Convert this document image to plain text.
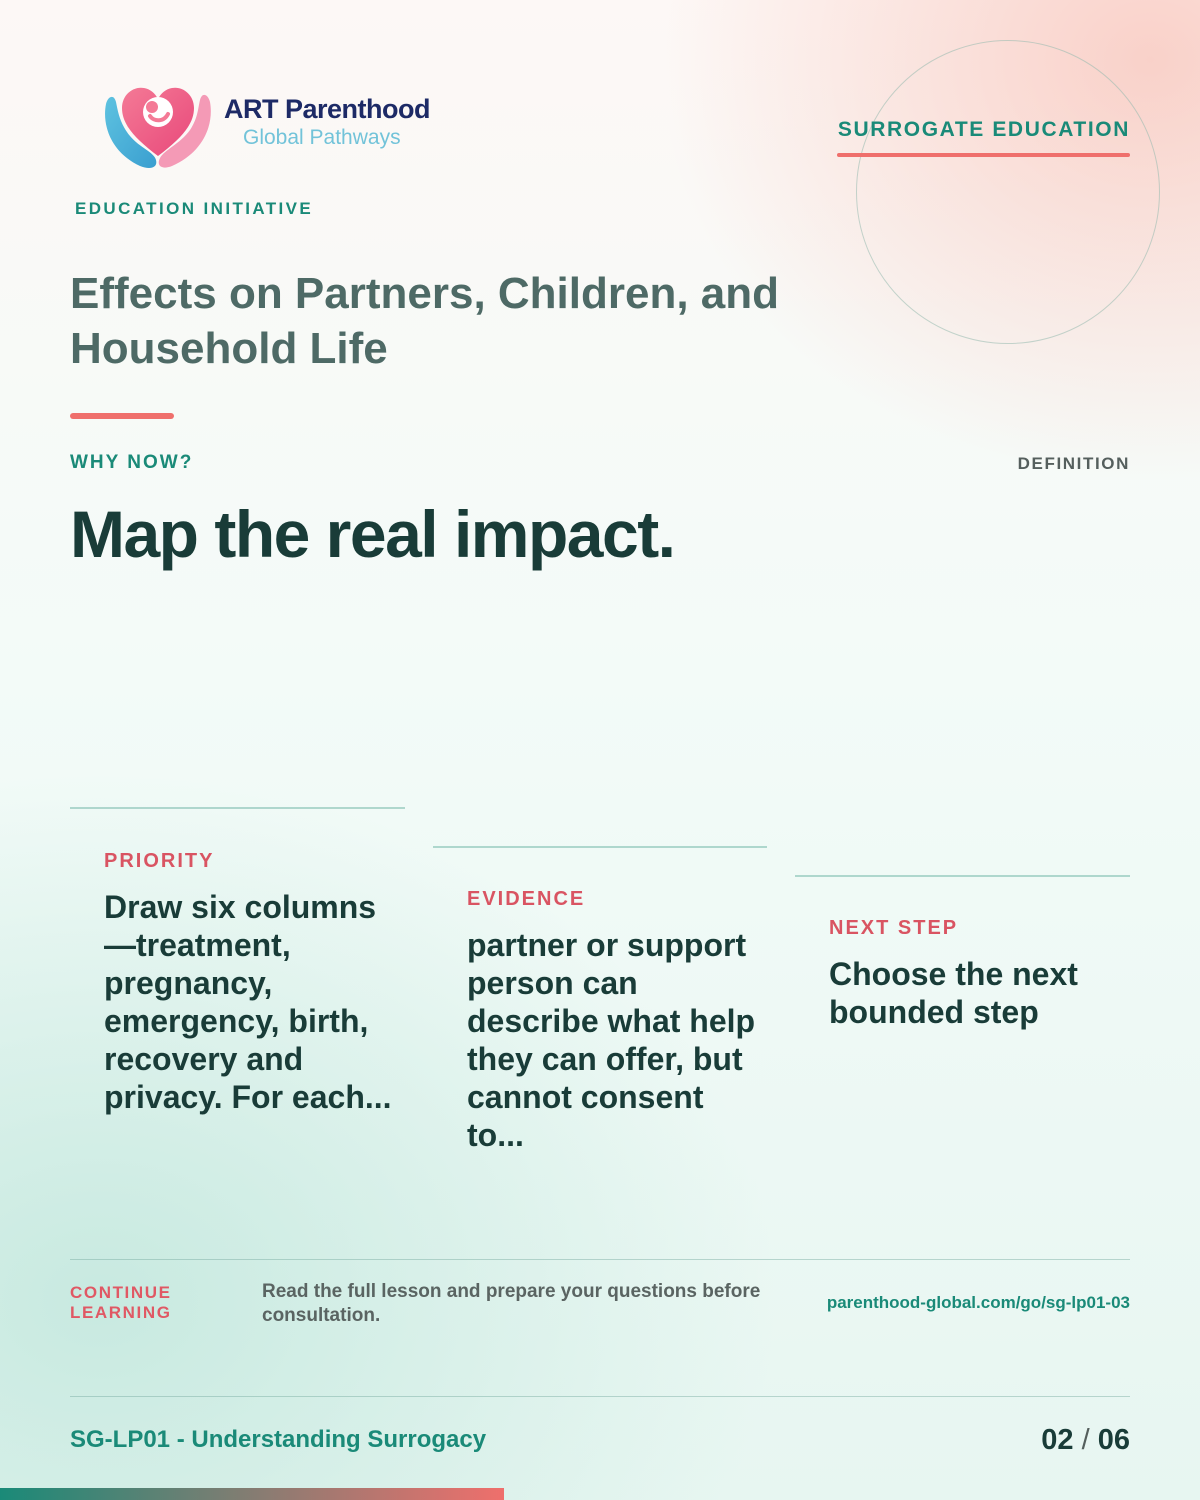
ART Parenthood
Global Pathways
EDUCATION INITIATIVE
SURROGATE EDUCATION
Effects on Partners, Children, and Household Life
WHY NOW?	DEFINITION
Map the real impact.
PRIORITY
Draw six columns—treatment, pregnancy, emergency, birth, recovery and privacy. For each...
EVIDENCE
partner or support person can describe what help they can offer, but cannot consent to...
NEXT STEP
Choose the next bounded step
CONTINUE LEARNING
Read the full lesson and prepare your questions before consultation.
parenthood-global.com/go/sg-lp01-03
SG-LP01 - Understanding Surrogacy	02 / 06
